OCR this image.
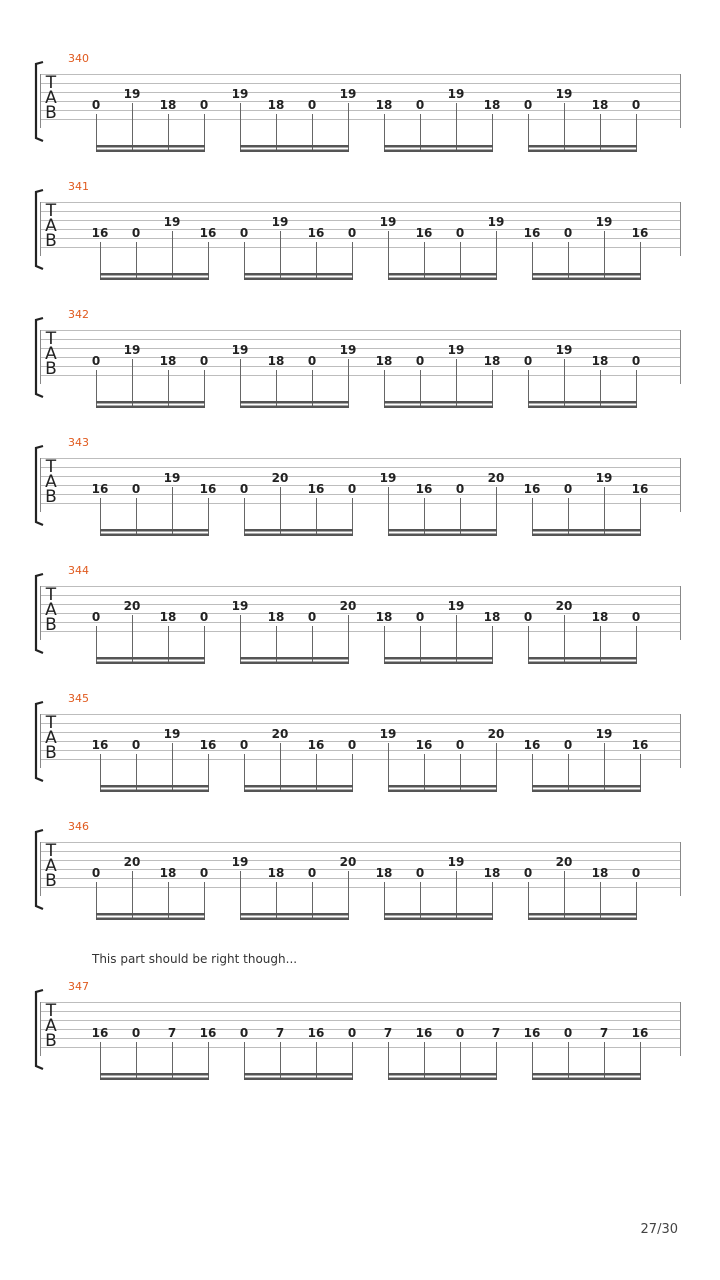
340
T
A
B	0
19
18 0
19
18 0
19
18 0
19
18 0
19
18 0
341
T
A
B	16 0
19
16 0
19
16 0
19
16 0
19
16 0
19
16
342
T
A
B	0
19
18 0
19
18 0
19
18 0
19
18 0
19
18 0
343
T
A
B	16 0
19
16 0
20
16 0
19
16 0
20
16 0
19
16
344
T
A
B	0
20
18 0
19
18 0
20
18 0
19
18 0
20
18 0
345
T
A
B	16 0
19
16 0
20
16 0
19
16 0
20
16 0
19
16
346
T
A
B	0
20
18 0
19
18 0
20
18 0
19
18 0
20
18 0
This part should be right though...
347
T
A
B	16 0 7 16 0 7 16 0 7 16 0 7 16 0 7 16
27/30
